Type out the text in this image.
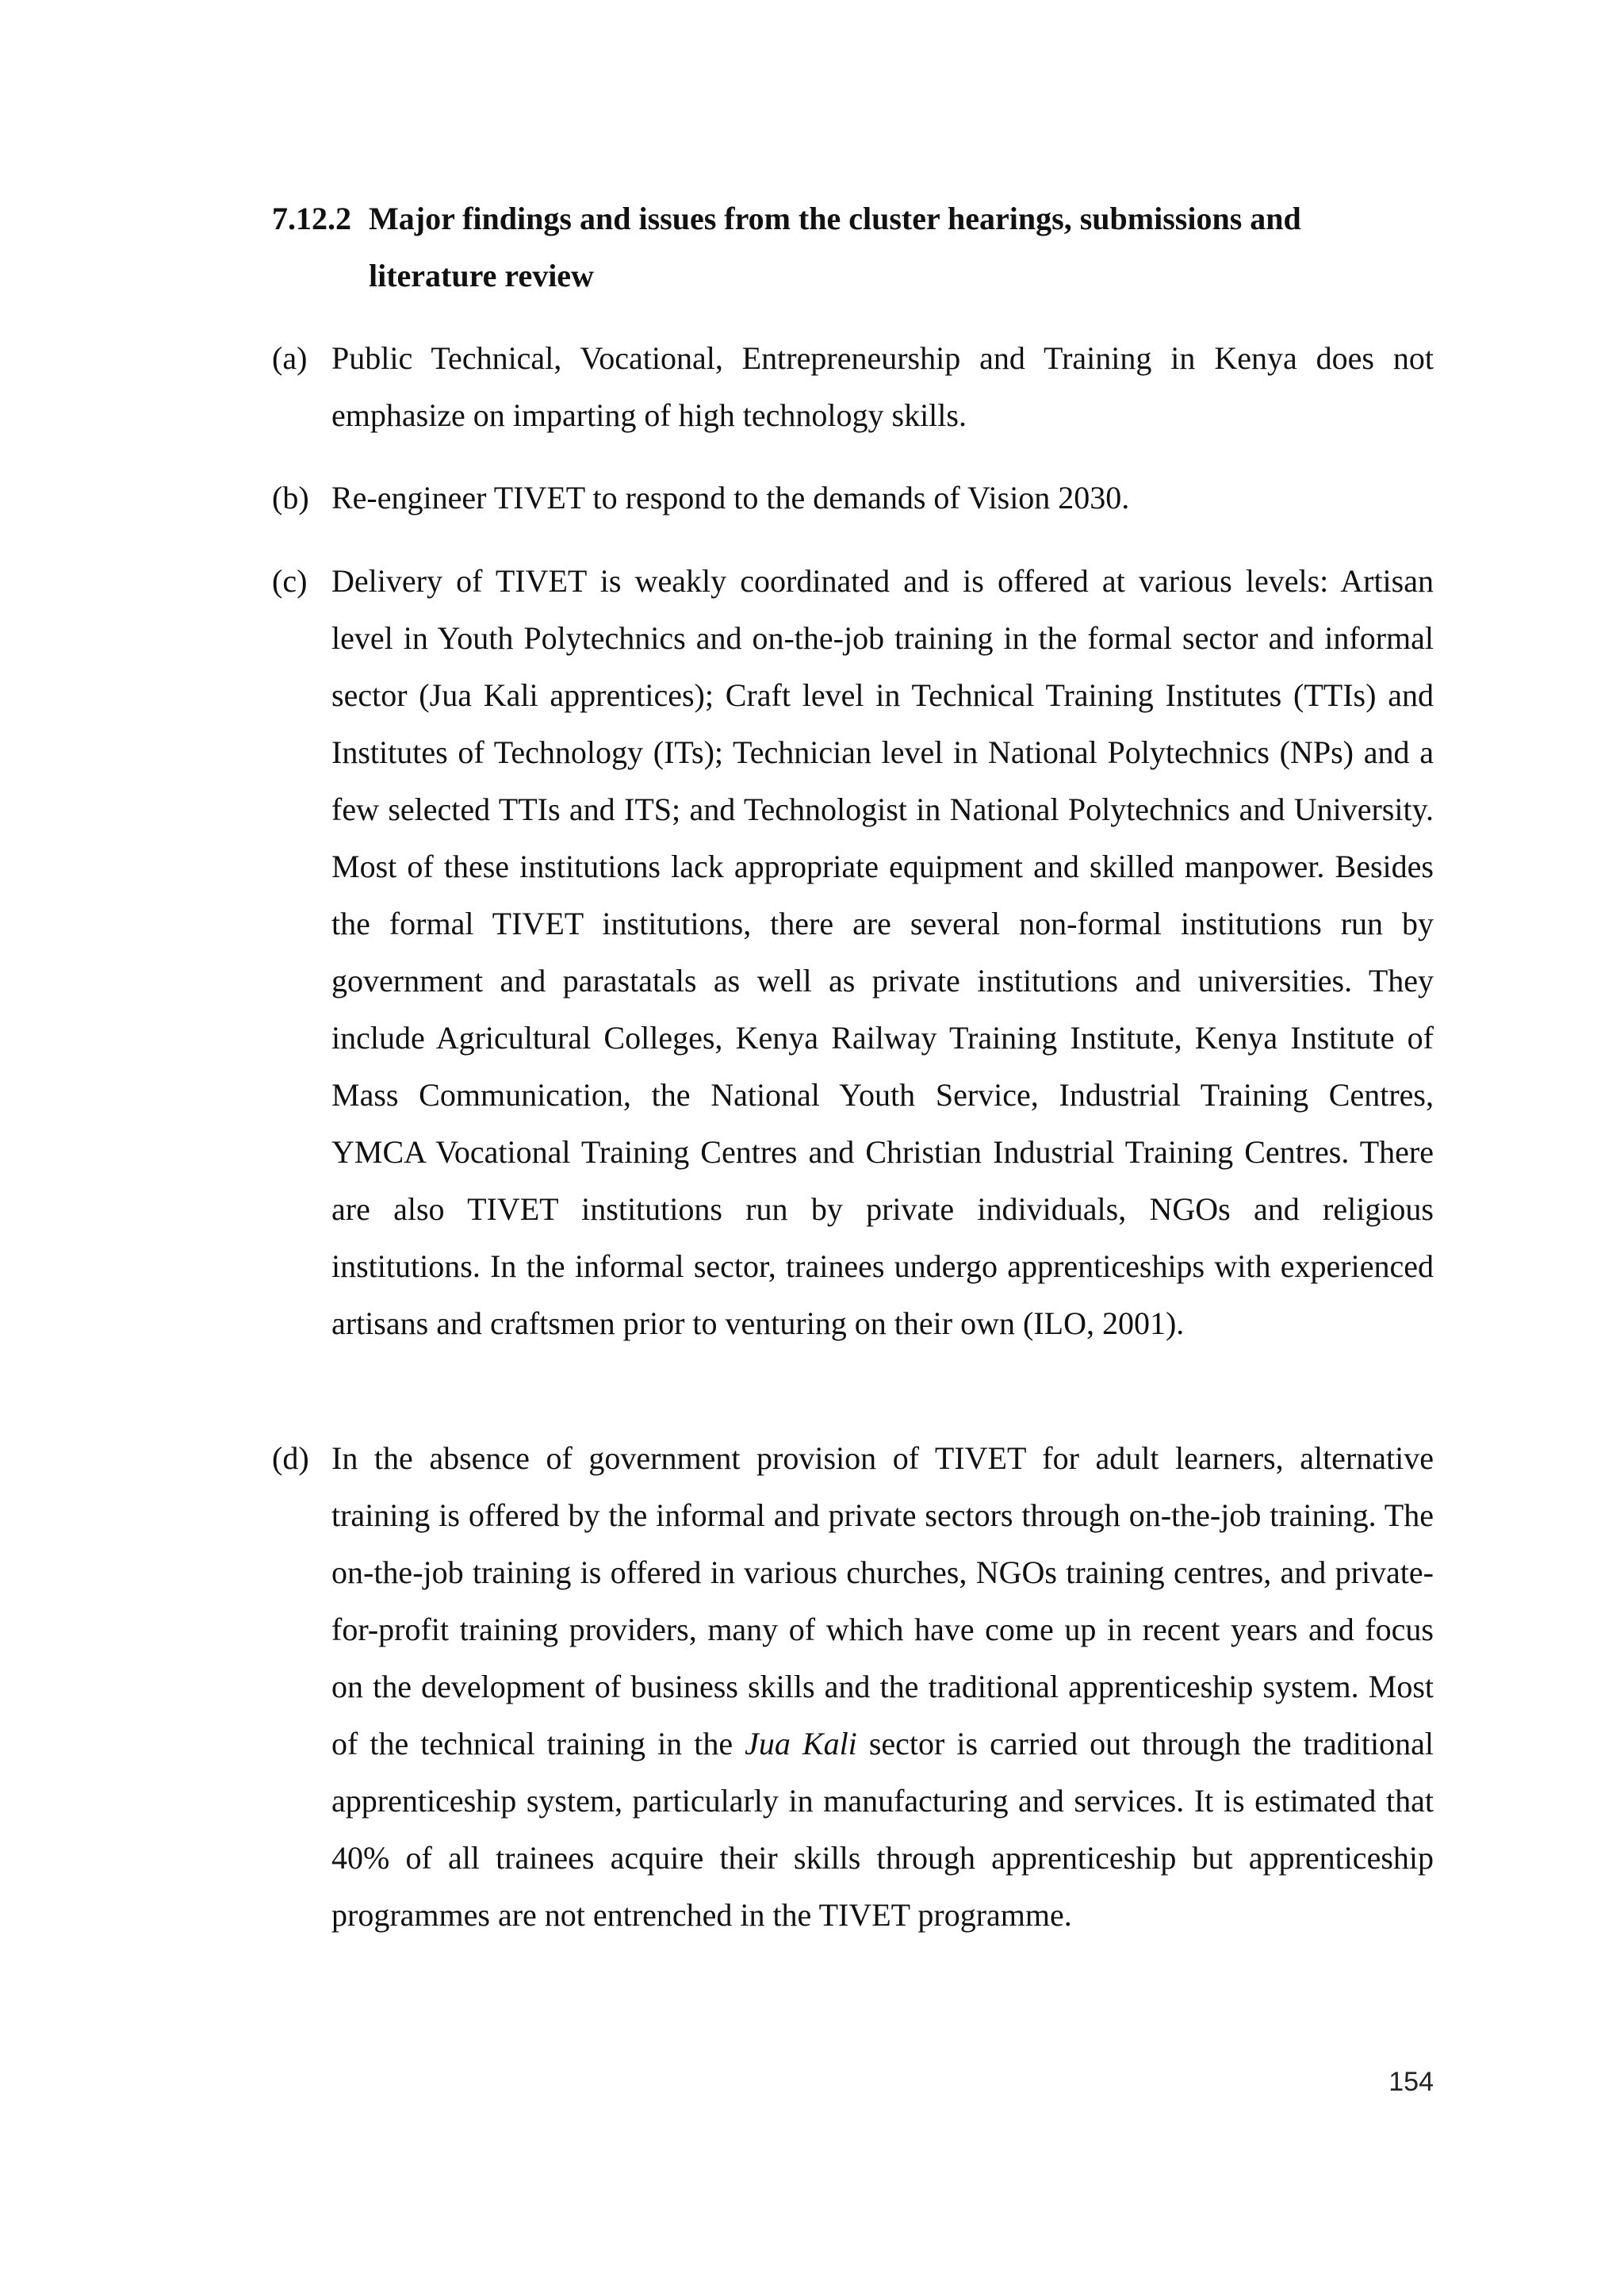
7.12.2 Major findings and issues from the cluster hearings, submissions and
literature review
(a) Public Technical, Vocational, Entrepreneurship and Training in Kenya does not emphasize on imparting of high technology skills.
(b) Re-engineer TIVET to respond to the demands of Vision 2030.
(c) Delivery of TIVET is weakly coordinated and is offered at various levels: Artisan level in Youth Polytechnics and on-the-job training in the formal sector and informal sector (Jua Kali apprentices); Craft level in Technical Training Institutes (TTIs) and Institutes of Technology (ITs); Technician level in National Polytechnics (NPs) and a few selected TTIs and ITS; and Technologist in National Polytechnics and University. Most of these institutions lack appropriate equipment and skilled manpower. Besides the formal TIVET institutions, there are several non-formal institutions run by government and parastatals as well as private institutions and universities. They include Agricultural Colleges, Kenya Railway Training Institute, Kenya Institute of Mass Communication, the National Youth Service, Industrial Training Centres, YMCA Vocational Training Centres and Christian Industrial Training Centres. There are also TIVET institutions run by private individuals, NGOs and religious institutions. In the informal sector, trainees undergo apprenticeships with experienced artisans and craftsmen prior to venturing on their own (ILO, 2001).
(d) In the absence of government provision of TIVET for adult learners, alternative training is offered by the informal and private sectors through on-the-job training. The on-the-job training is offered in various churches, NGOs training centres, and private-for-profit training providers, many of which have come up in recent years and focus on the development of business skills and the traditional apprenticeship system. Most of the technical training in the Jua Kali sector is carried out through the traditional apprenticeship system, particularly in manufacturing and services. It is estimated that 40% of all trainees acquire their skills through apprenticeship but apprenticeship programmes are not entrenched in the TIVET programme.
154
